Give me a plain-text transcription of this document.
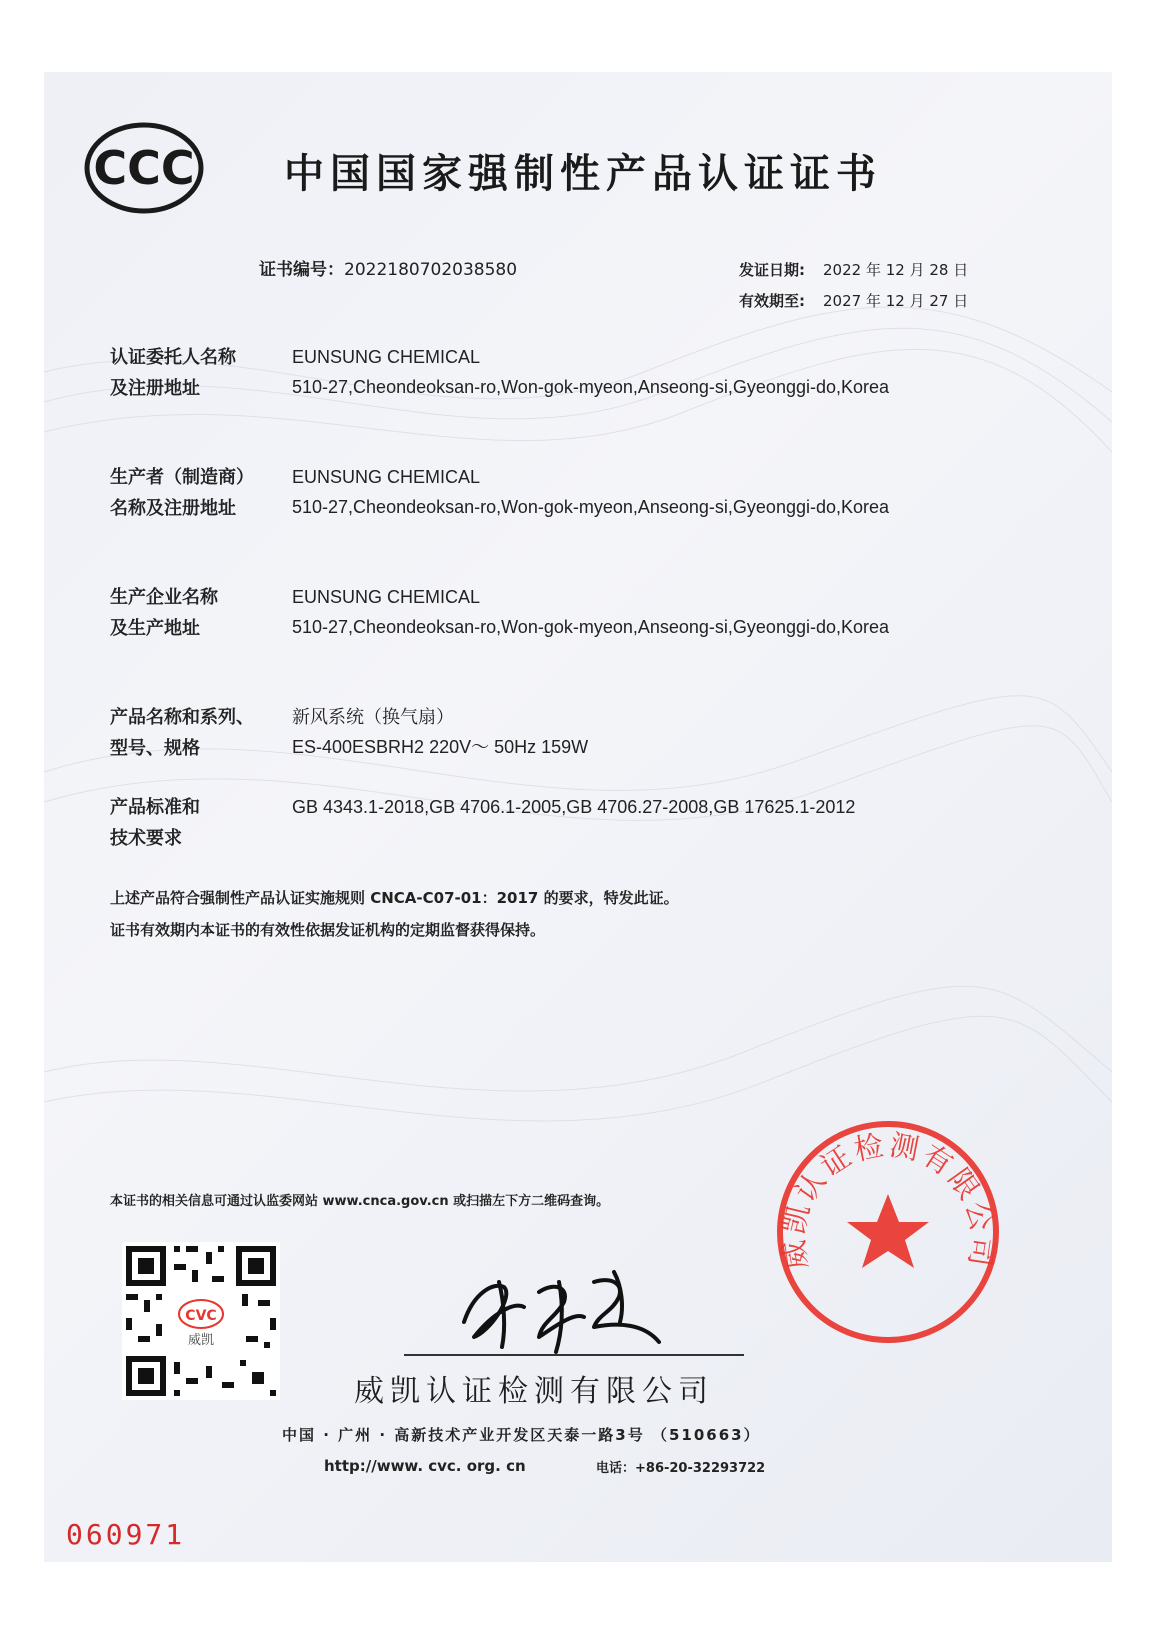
CCC 中国国家强制性产品认证证书
证书编号：2022180702038580	发证日期: 2022 年 12 月 28 日
有效期至: 2027 年 12 月 27 日
认证委托人名称
及注册地址
EUNSUNG CHEMICAL
510-27,Cheondeoksan-ro,Won-gok-myeon,Anseong-si,Gyeonggi-do,Korea
生产者（制造商）
名称及注册地址
EUNSUNG CHEMICAL
510-27,Cheondeoksan-ro,Won-gok-myeon,Anseong-si,Gyeonggi-do,Korea
生产企业名称
及生产地址
EUNSUNG CHEMICAL
510-27,Cheondeoksan-ro,Won-gok-myeon,Anseong-si,Gyeonggi-do,Korea
产品名称和系列、
型号、规格
新风系统（换气扇）
ES-400ESBRH2 220V～ 50Hz 159W
产品标准和
技术要求
GB 4343.1-2018,GB 4706.1-2005,GB 4706.27-2008,GB 17625.1-2012
上述产品符合强制性产品认证实施规则 CNCA-C07-01：2017 的要求，特发此证。
证书有效期内本证书的有效性依据发证机构的定期监督获得保持。
本证书的相关信息可通过认监委网站 www.cnca.gov.cn 或扫描左下方二维码查询。
CVC
威凯
威凯认证检测有限公司
中国 · 广州 · 高新技术产业开发区天泰一路3号 （510663）
http://www. cvc. org. cn	电话：+86-20-32293722
威凯认证检测有限公司
060971
